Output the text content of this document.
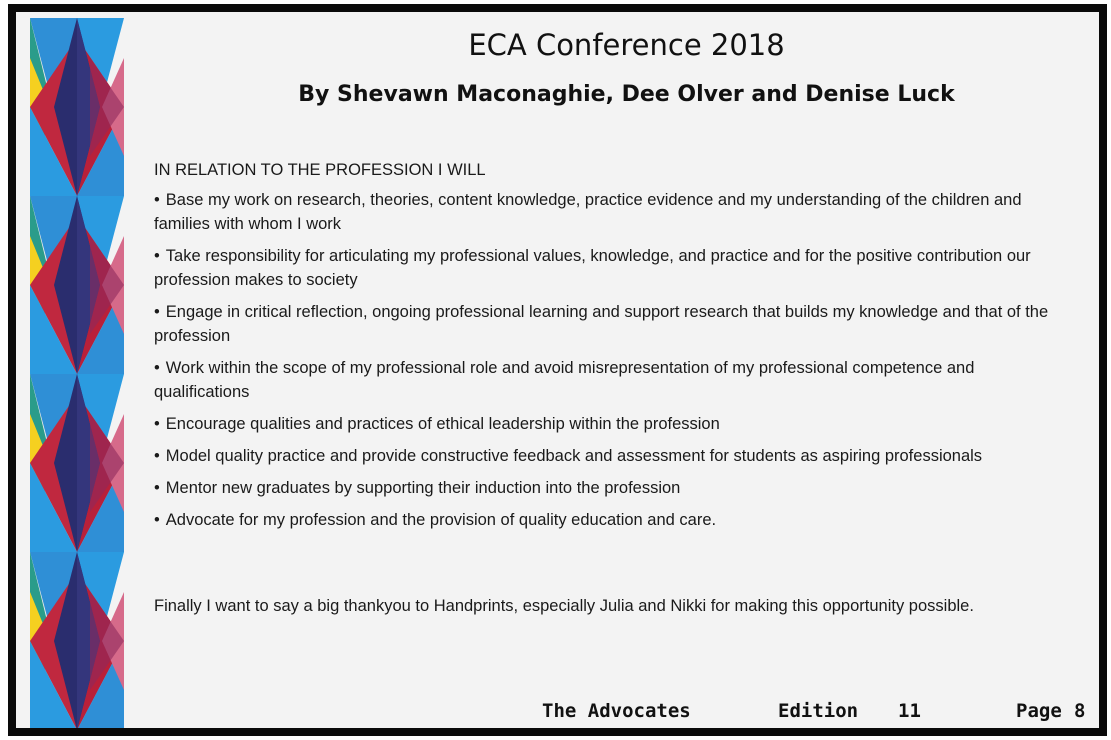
ECA Conference 2018
By Shevawn Maconaghie, Dee Olver and Denise Luck

IN RELATION TO THE PROFESSION I WILL

• Base my work on research, theories, content knowledge, practice evidence and my understanding of the children and families with whom I work
• Take responsibility for articulating my professional values, knowledge, and practice and for the positive contribution our profession makes to society
• Engage in critical reflection, ongoing professional learning and support research that builds my knowledge and that of the profession
• Work within the scope of my professional role and avoid misrepresentation of my professional competence and qualifications
• Encourage qualities and practices of ethical leadership within the profession
• Model quality practice and provide constructive feedback and assessment for students as aspiring professionals
• Mentor new graduates by supporting their induction into the profession
• Advocate for my profession and the provision of quality education and care.

Finally I want to say a big thankyou to Handprints, especially Julia and Nikki for making this opportunity possible.

The Advocates	Edition 11	Page 8
